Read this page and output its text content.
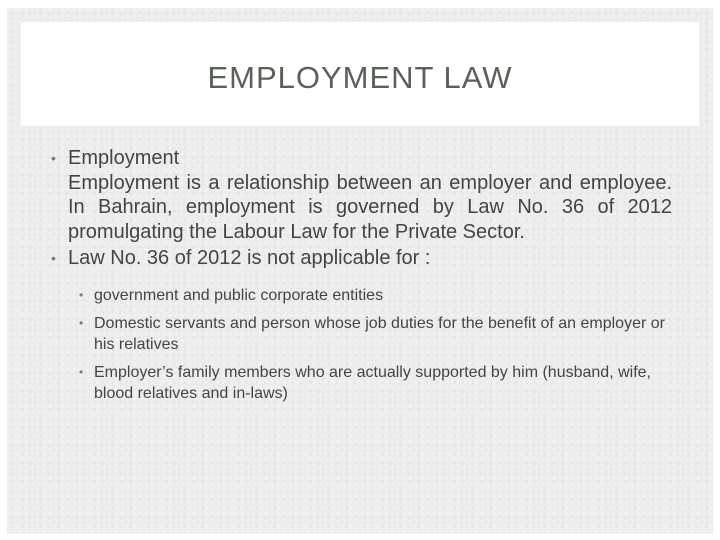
EMPLOYMENT LAW

• Employment

Employment is a relationship between an employer and employee. In Bahrain, employment is governed by Law No. 36 of 2012 promulgating the Labour Law for the Private Sector.

• Law No. 36 of 2012 is not applicable for :

• government and public corporate entities

• Domestic servants and person whose job duties for the benefit of an employer or his relatives

• Employer’s family members who are actually supported by him (husband, wife, blood relatives and in-laws)
